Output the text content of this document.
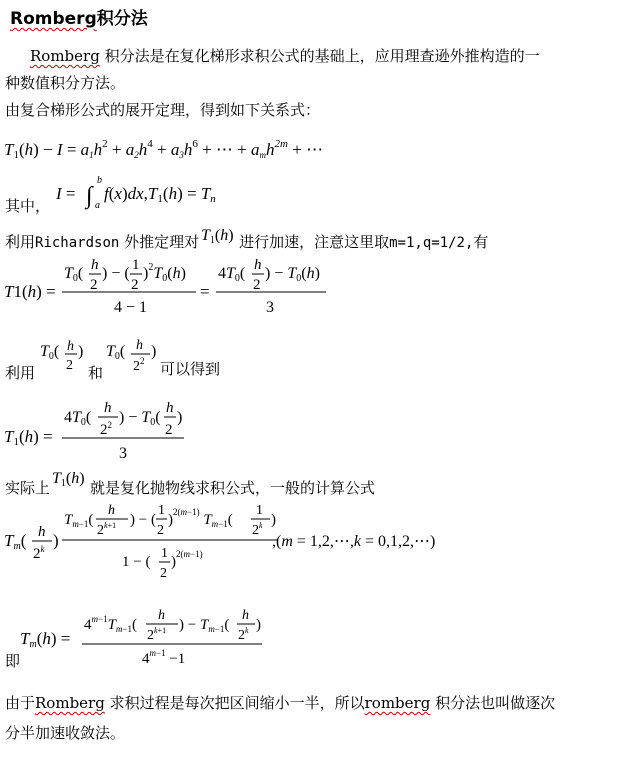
Romberg积分法
Romberg 积分法是在复化梯形求积公式的基础上，应用理查逊外推构造的一
种数值积分方法。
由复合梯形公式的展开定理，得到如下关系式：
$T1(h) - I = a1h^2 + a2h^4 + a3h^6$ + ⋯ + amh$^{2m}$ + ⋯
其中，
I = ∫
b
a
f(x)dx,T1(h) = Tn
利用Richardson 外推定理对 T1(h) 进行加速，注意这里取m=1,q=1/2,有
T1(h) =
T0( h
2
) − ( 1
2
)$^2$T0(h)
4 − 1
=
4T0( h
2
) − T0(h)
3
利用
T0( h
2
)
和
T0( h
$2^2$
)
可以得到
T1(h) =
4T0(
h
$2^2$ ) − T0(
h
2
)
3
实际上
T1(h)
就是复化抛物线求积公式，一般的计算公式
Tm( h
2$^k$ )
$T_m-1$(
h
$2^k+1$ ) − (
1
2
)$^{2(}$m−1) $T_m-1$(
1
2$^k$ )
1 − (
1
2
)$^{2(}$m−1)
,(m = 1,2,⋯,k = 0,1,2,⋯)
即
Tm(h) =
$4^m-1T_m-1$(
h
$2^k+1$ ) − $T_m-1$(
h
2$^k$ )
$4^m-1 -1$
由于Romberg 求积过程是每次把区间缩小一半，所以romberg 积分法也叫做逐次
分半加速收敛法。
